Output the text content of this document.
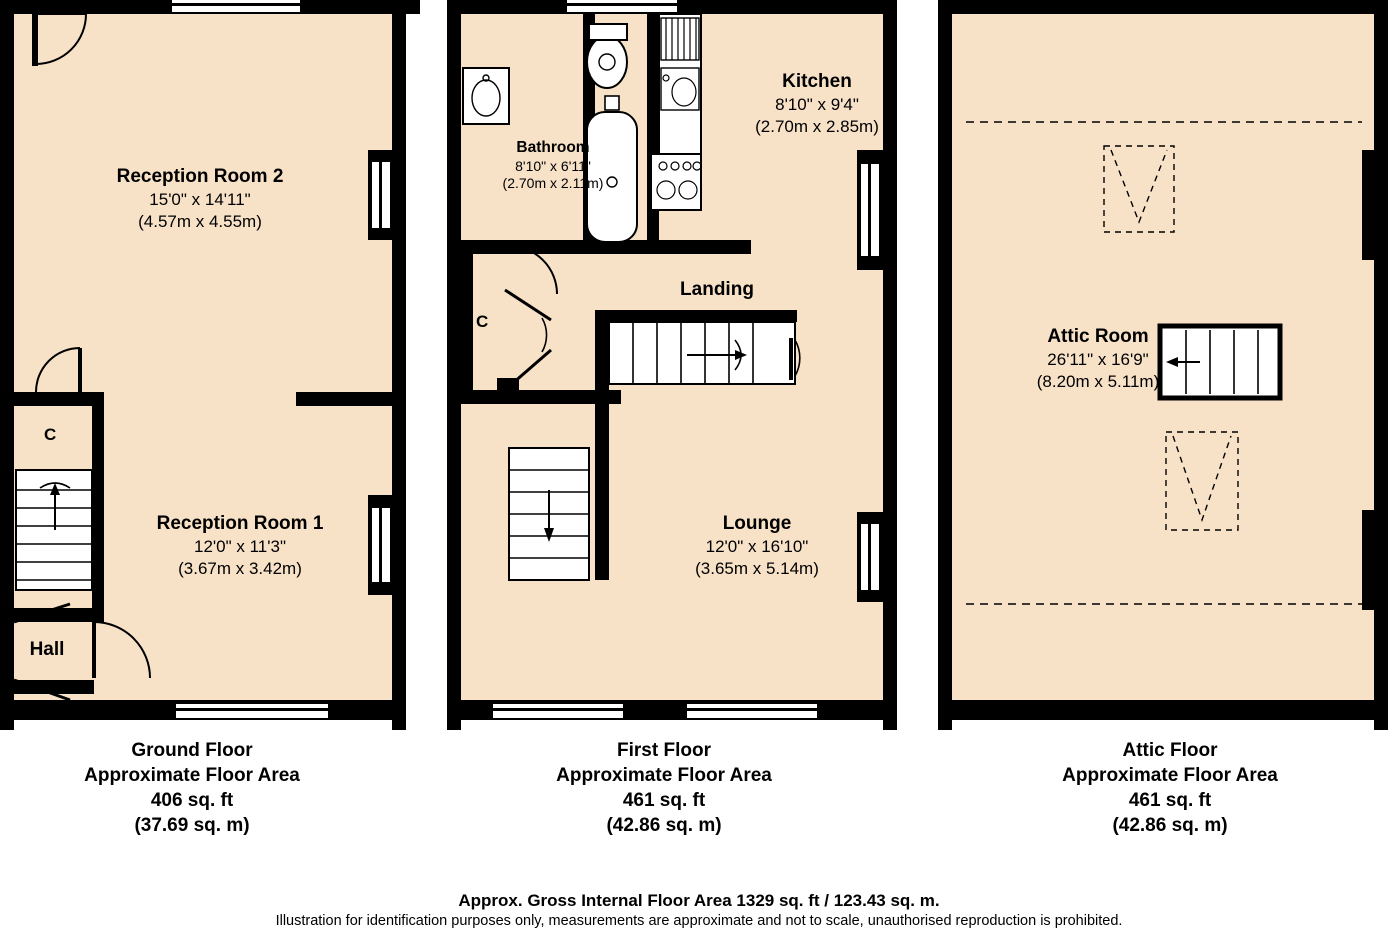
Reception Room 2
15'0" x 14'11"
(4.57m x 4.55m)
Reception Room 1
12'0" x 11'3"
(3.67m x 3.42m)
Hall
C
Kitchen
8'10" x 9'4"
(2.70m x 2.85m)
Bathroom
8'10" x 6'11"
(2.70m x 2.11m)
Landing
Lounge
12'0" x 16'10"
(3.65m x 5.14m)
C
Attic Room
26'11" x 16'9"
(8.20m x 5.11m)
Ground Floor
Approximate Floor Area
406 sq. ft
(37.69 sq. m)
First Floor
Approximate Floor Area
461 sq. ft
(42.86 sq. m)
Attic Floor
Approximate Floor Area
461 sq. ft
(42.86 sq. m)
Approx. Gross Internal Floor Area 1329 sq. ft / 123.43 sq. m.
Illustration for identification purposes only, measurements are approximate and not to scale, unauthorised reproduction is prohibited.
